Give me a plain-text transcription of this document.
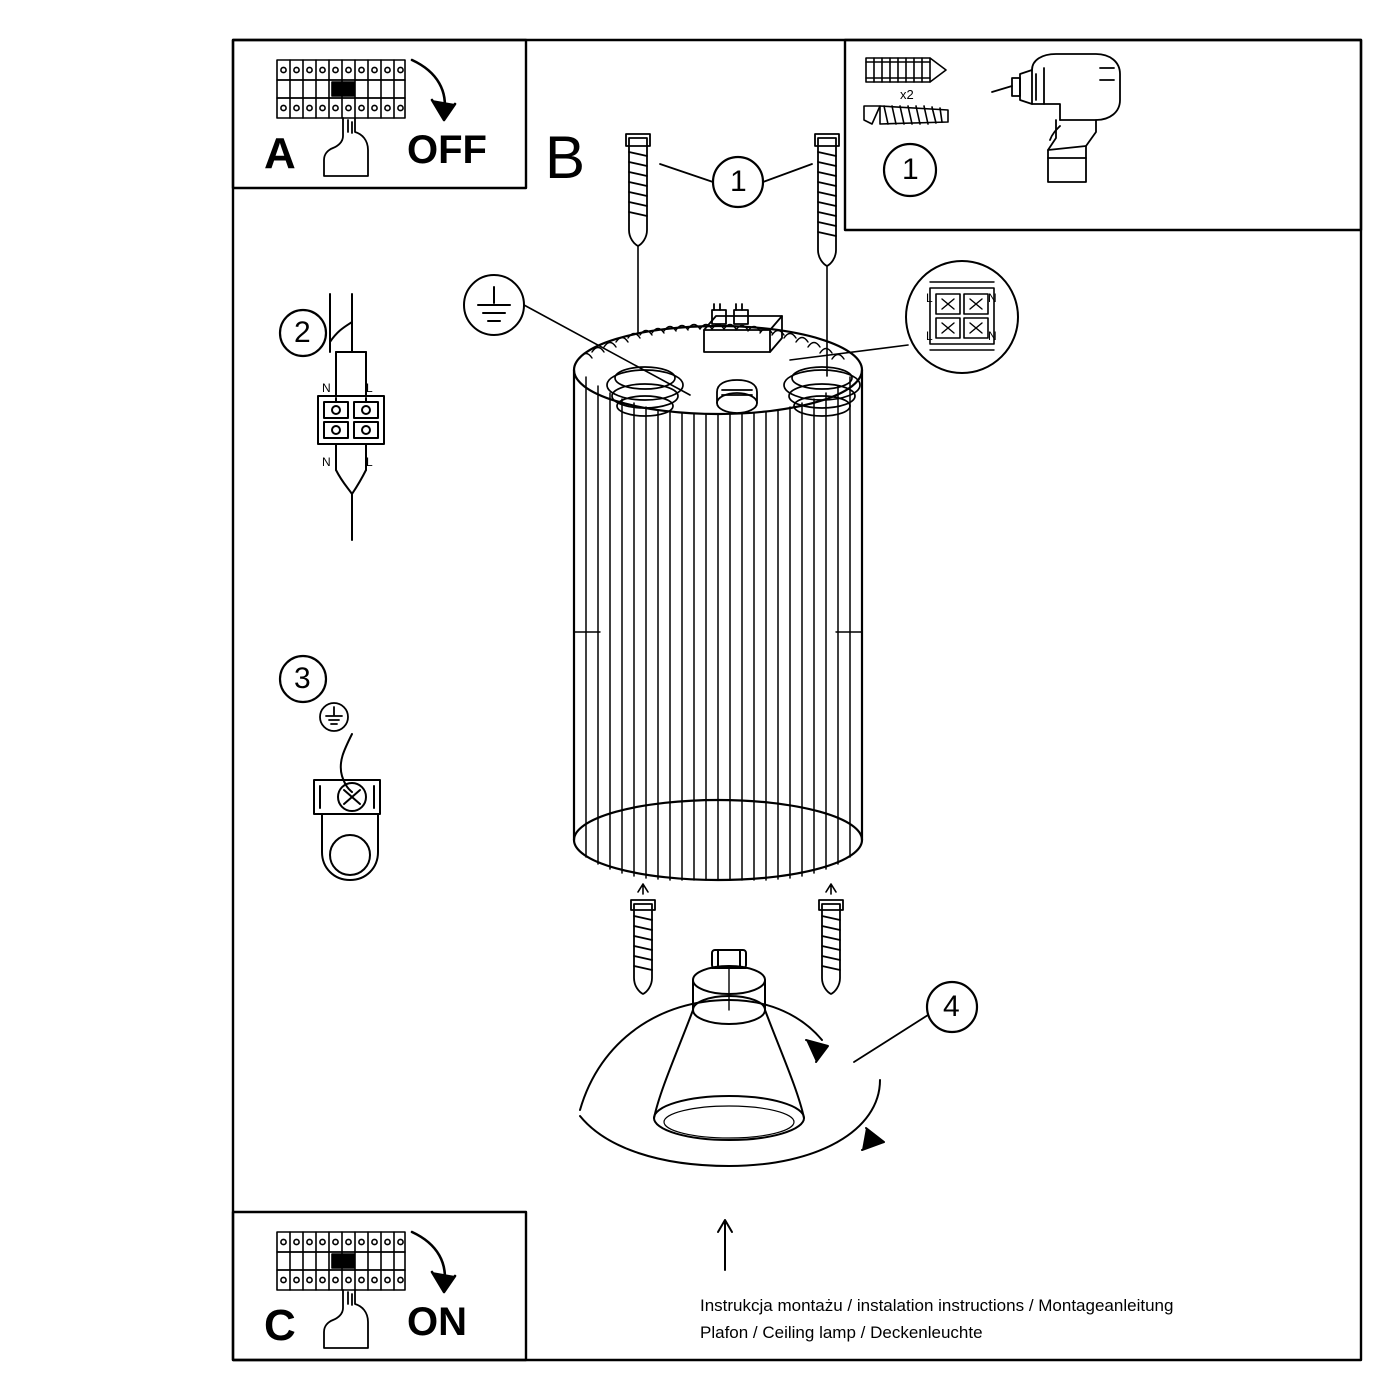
A	OFF B
C	ON
1	1
2
3
4
x2
N	L
N	L
L	N
L	N
Instrukcja montażu / instalation instructions / Montageanleitung
Plafon / Ceiling lamp / Deckenleuchte
